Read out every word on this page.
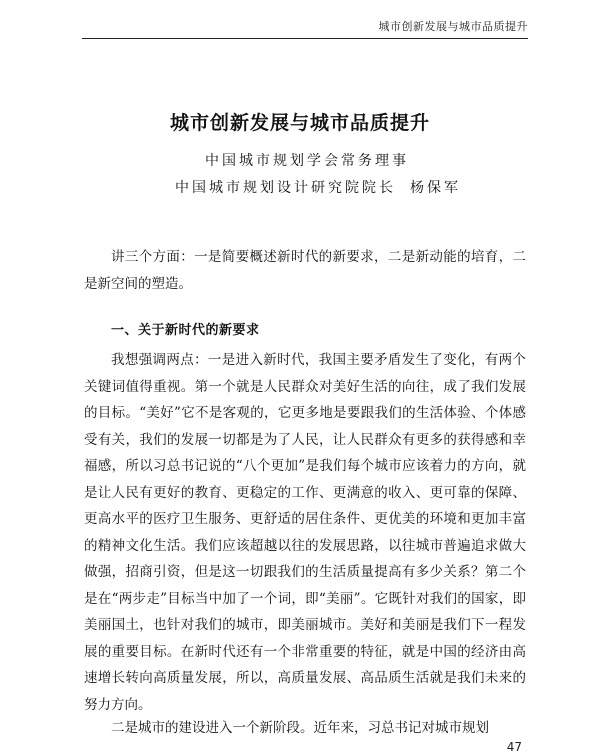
城市创新发展与城市品质提升
城市创新发展与城市品质提升
中国城市规划学会常务理事
中国城市规划设计研究院院长 杨保军

讲三个方面：一是简要概述新时代的新要求，二是新动能的培育，二是新空间的塑造。

一、关于新时代的新要求

我想强调两点：一是进入新时代，我国主要矛盾发生了变化，有两个关键词值得重视。第一个就是人民群众对美好生活的向往，成了我们发展的目标。“美好”它不是客观的，它更多地是要跟我们的生活体验、个体感受有关，我们的发展一切都是为了人民，让人民群众有更多的获得感和幸福感，所以习总书记说的“八个更加”是我们每个城市应该着力的方向，就是让人民有更好的教育、更稳定的工作、更满意的收入、更可靠的保障、更高水平的医疗卫生服务、更舒适的居住条件、更优美的环境和更加丰富的精神文化生活。我们应该超越以往的发展思路，以往城市普遍追求做大做强，招商引资，但是这一切跟我们的生活质量提高有多少关系？第二个是在“两步走”目标当中加了一个词，即“美丽”。它既针对我们的国家，即美丽国土，也针对我们的城市，即美丽城市。美好和美丽是我们下一程发展的重要目标。在新时代还有一个非常重要的特征，就是中国的经济由高速增长转向高质量发展，所以，高质量发展、高品质生活就是我们未来的努力方向。

二是城市的建设进入一个新阶段。近年来，习总书记对城市规划

47
